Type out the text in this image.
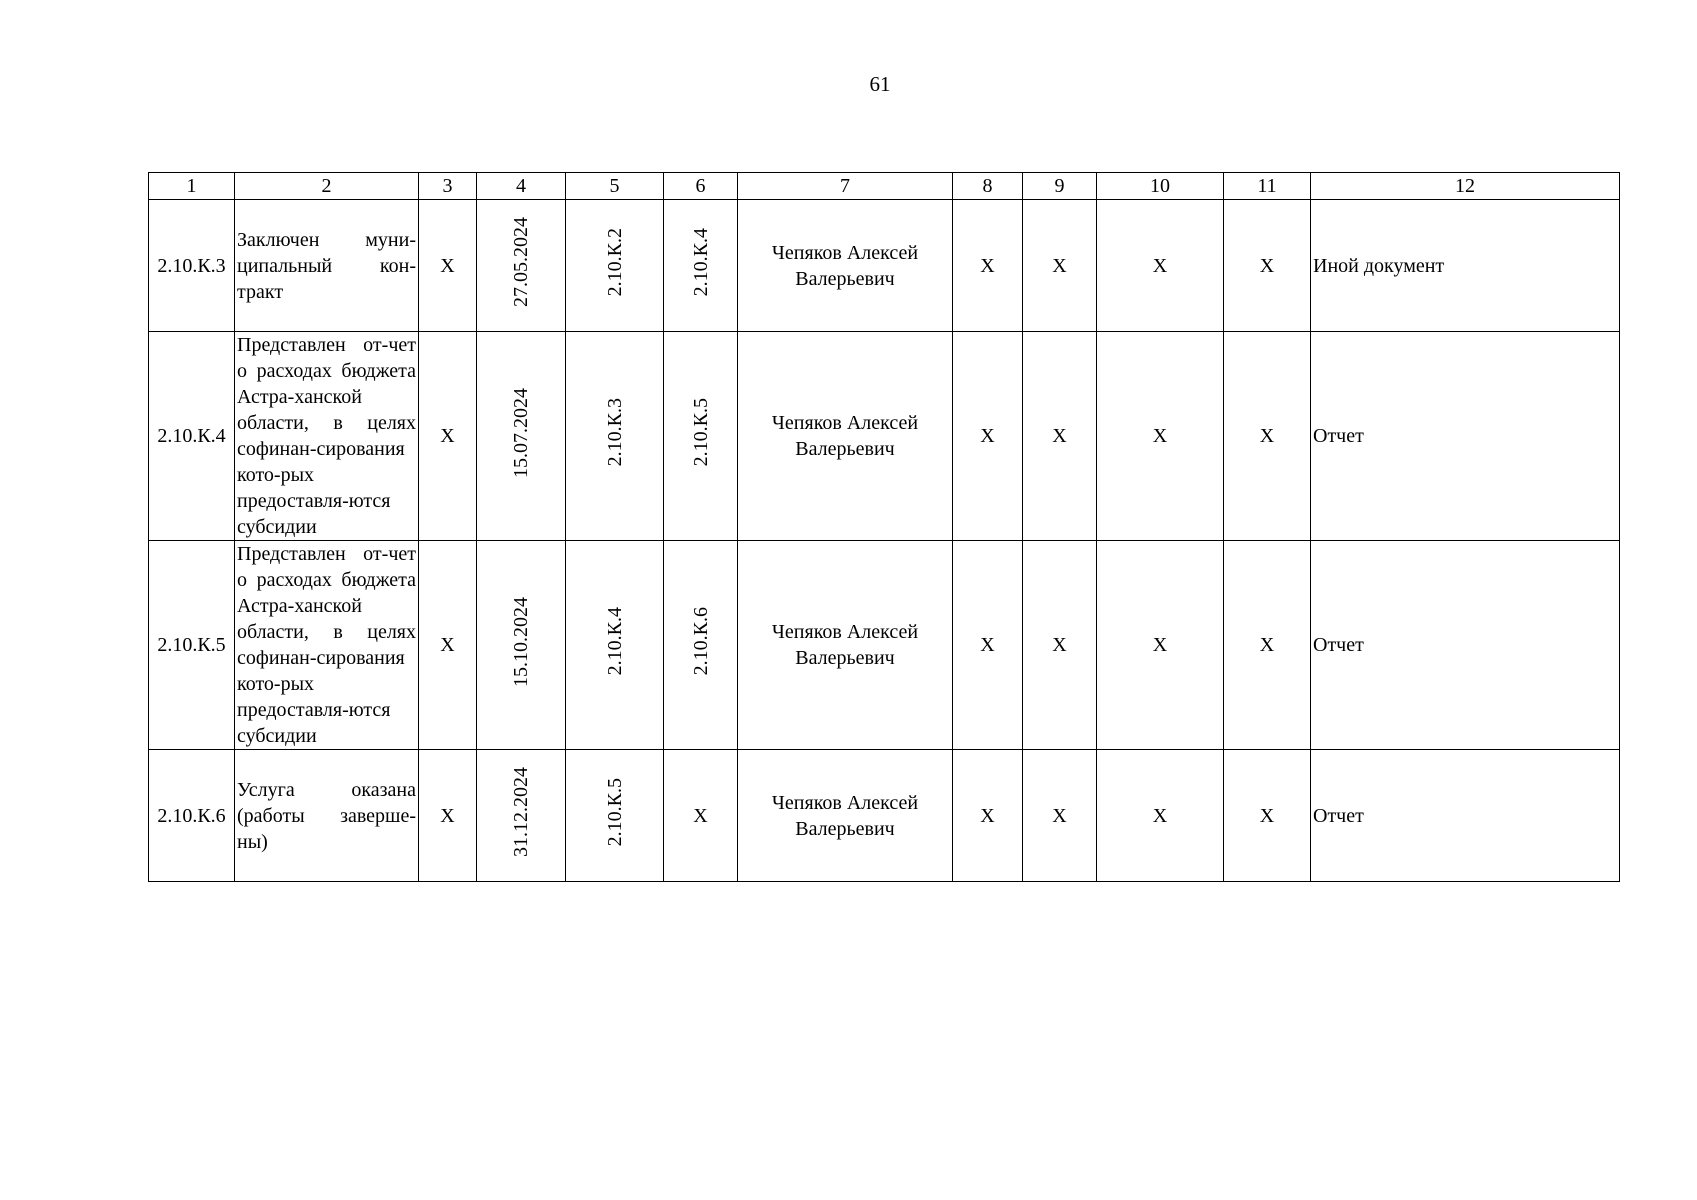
61
1	2	3	4	5	6	7	8	9	10	11	12
2.10.К.3	Заключен муни-ципальный кон-тракт	X	27.05.2024	2.10.К.2	2.10.К.4	Чепяков Алексей Валерьевич	X	X	X	X	Иной документ
2.10.К.4	Представлен от-чет о расходах бюджета Астра-ханской области, в целях софинан-сирования кото-рых предоставля-ются субсидии	X	15.07.2024	2.10.К.3	2.10.К.5	Чепяков Алексей Валерьевич	X	X	X	X	Отчет
2.10.К.5	Представлен от-чет о расходах бюджета Астра-ханской области, в целях софинан-сирования кото-рых предоставля-ются субсидии	X	15.10.2024	2.10.К.4	2.10.К.6	Чепяков Алексей Валерьевич	X	X	X	X	Отчет
2.10.К.6	Услуга оказана (работы заверше-ны)	X	31.12.2024	2.10.К.5	X	Чепяков Алексей Валерьевич	X	X	X	X	Отчет
